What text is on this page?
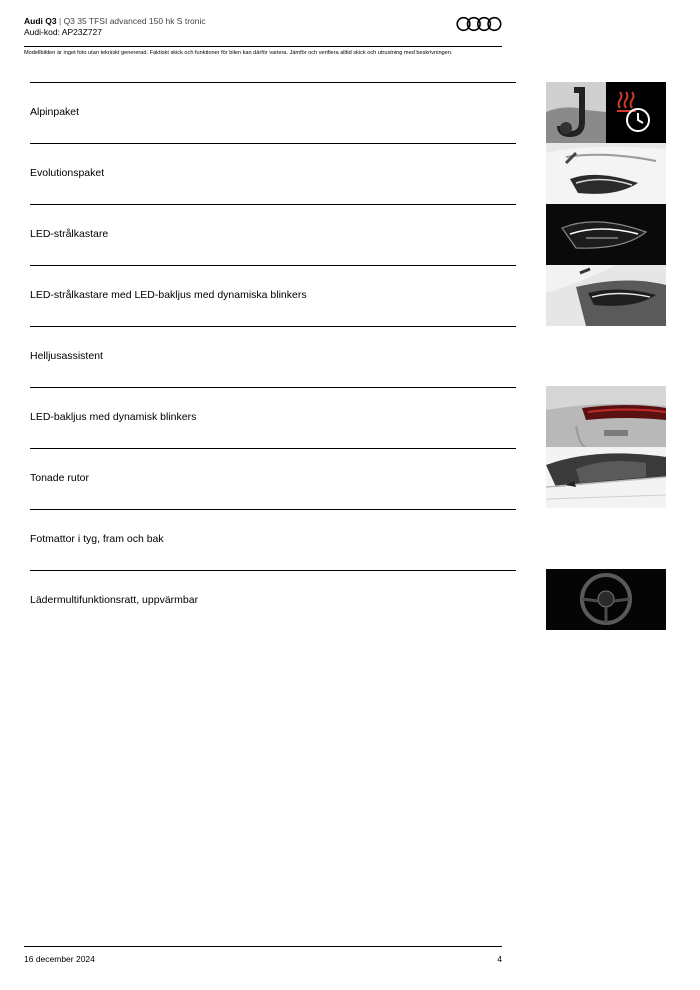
Audi Q3 | Q3 35 TFSI advanced 150 hk S tronic
Audi-kod: AP23Z727
Modellbilden är inget foto utan tekniskt genererad. Faktiskt skick och funktioner för bilen kan därför variera. Jämför och verifiera alltid skick och utrustning med beskrivningen.
Alpinpaket
Evolutionspaket
LED-strålkastare
LED-strålkastare med LED-bakljus med dynamiska blinkers
Helljusassistent
LED-bakljus med dynamisk blinkers
Tonade rutor
Fotmattor i tyg, fram och bak
Lädermultifunktionsratt, uppvärmbar
16 december 2024	4
